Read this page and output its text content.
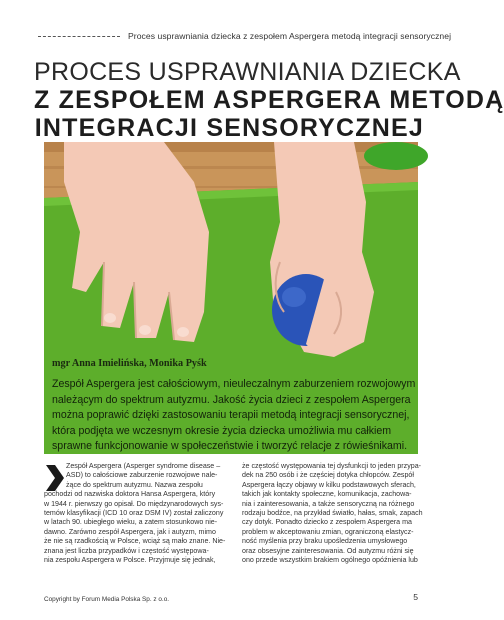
Proces usprawniania dziecka z zespołem Aspergera metodą integracji sensorycznej
PROCES USPRAWNIANIA DZIECKA
Z ZESPOŁEM ASPERGERA METODĄ
INTEGRACJI SENSORYCZNEJ
mgr Anna Imielińska, Monika Pyśk
Zespół Aspergera jest całościowym, nieuleczalnym zaburzeniem rozwojowym
należącym do spektrum autyzmu. Jakość życia dzieci z zespołem Aspergera
można poprawić dzięki zastosowaniu terapii metodą integracji sensorycznej,
która podjęta we wczesnym okresie życia dziecka umożliwia mu całkiem
sprawne funkcjonowanie w społeczeństwie i tworzyć relacje z rówieśnikami.
Zespół Aspergera (Asperger syndrome disease –
ASD) to całościowe zaburzenie rozwojowe nale-
żące do spektrum autyzmu. Nazwa zespołu
pochodzi od nazwiska doktora Hansa Aspergera, który
w 1944 r. pierwszy go opisał. Do międzynarodowych sys-
temów klasyfikacji (ICD 10 oraz DSM IV) został zaliczony
w latach 90. ubiegłego wieku, a zatem stosunkowo nie-
dawno. Zarówno zespół Aspergera, jak i autyzm, mimo
że nie są rzadkością w Polsce, wciąż są mało znane. Nie-
znana jest liczba przypadków i częstość występowa-
nia zespołu Aspergera w Polsce. Przyjmuje się jednak,
że częstość występowania tej dysfunkcji to jeden przypa-
dek na 250 osób i że częściej dotyka chłopców. Zespół
Aspergera łączy objawy w kilku podstawowych sferach,
takich jak kontakty społeczne, komunikacja, zachowa-
nia i zainteresowania, a także sensoryczną na różnego
rodzaju bodźce, na przykład światło, hałas, smak, zapach
czy dotyk. Ponadto dziecko z zespołem Aspergera ma
problem w akceptowaniu zmian, ograniczoną elastycz-
ność myślenia przy braku upośledzenia umysłowego
oraz obsesyjne zainteresowania. Od autyzmu różni się
ono przede wszystkim brakiem ogólnego opóźnienia lub
Copyright by Forum Media Polska Sp. z o.o.	5
